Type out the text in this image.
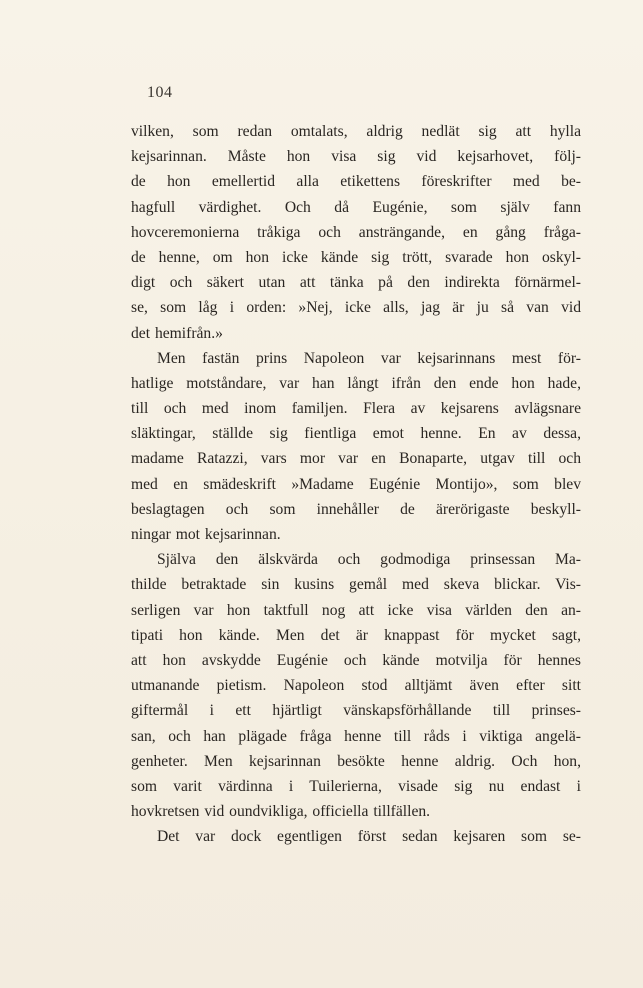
104
vilken, som redan omtalats, aldrig nedlät sig att hylla
kejsarinnan. Måste hon visa sig vid kejsarhovet, följ-
de hon emellertid alla etikettens föreskrifter med be-
hagfull värdighet. Och då Eugénie, som själv fann
hovceremonierna tråkiga och ansträngande, en gång fråga-
de henne, om hon icke kände sig trött, svarade hon oskyl-
digt och säkert utan att tänka på den indirekta förnärmel-
se, som låg i orden: »Nej, icke alls, jag är ju så van vid
det hemifrån.»
Men fastän prins Napoleon var kejsarinnans mest för-
hatlige motståndare, var han långt ifrån den ende hon hade,
till och med inom familjen. Flera av kejsarens avlägsnare
släktingar, ställde sig fientliga emot henne. En av dessa,
madame Ratazzi, vars mor var en Bonaparte, utgav till och
med en smädeskrift »Madame Eugénie Montijo», som blev
beslagtagen och som innehåller de ärerörigaste beskyll-
ningar mot kejsarinnan.
Själva den älskvärda och godmodiga prinsessan Ma-
thilde betraktade sin kusins gemål med skeva blickar. Vis-
serligen var hon taktfull nog att icke visa världen den an-
tipati hon kände. Men det är knappast för mycket sagt,
att hon avskydde Eugénie och kände motvilja för hennes
utmanande pietism. Napoleon stod alltjämt även efter sitt
giftermål i ett hjärtligt vänskapsförhållande till prinses-
san, och han plägade fråga henne till råds i viktiga angelä-
genheter. Men kejsarinnan besökte henne aldrig. Och hon,
som varit värdinna i Tuilerierna, visade sig nu endast i
hovkretsen vid oundvikliga, officiella tillfällen.
Det var dock egentligen först sedan kejsaren som se-
